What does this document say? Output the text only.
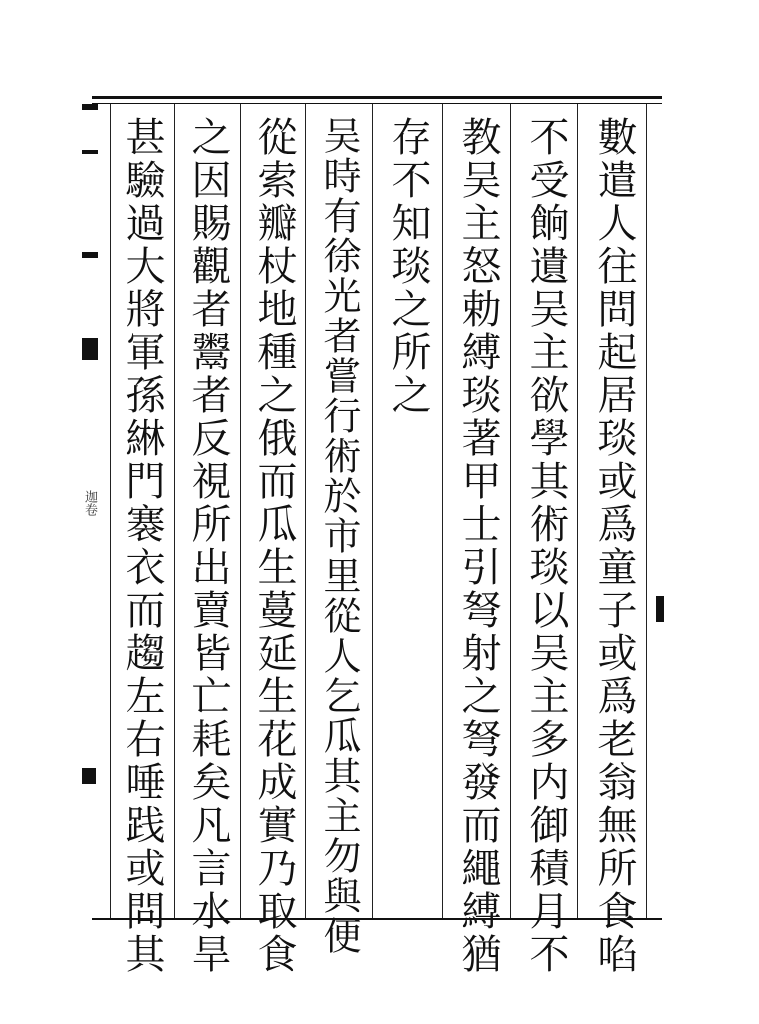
數遣人往問起居琰或爲童子或爲老翁無所食啗
不受餉遺吴主欲學其術琰以吴主多内御積月不
教吴主怒勅縛琰著甲士引弩射之弩發而繩縛猶
存不知琰之所之
吴時有徐光者嘗行術於市里從人乞瓜其主勿與便
從索瓣杖地種之俄而瓜生蔓延生花成實乃取食
之因賜觀者鬻者反視所出賣皆亡耗矣凡言水旱
甚驗過大將軍孫綝門褰衣而趨左右唾践或問其
迦卷
